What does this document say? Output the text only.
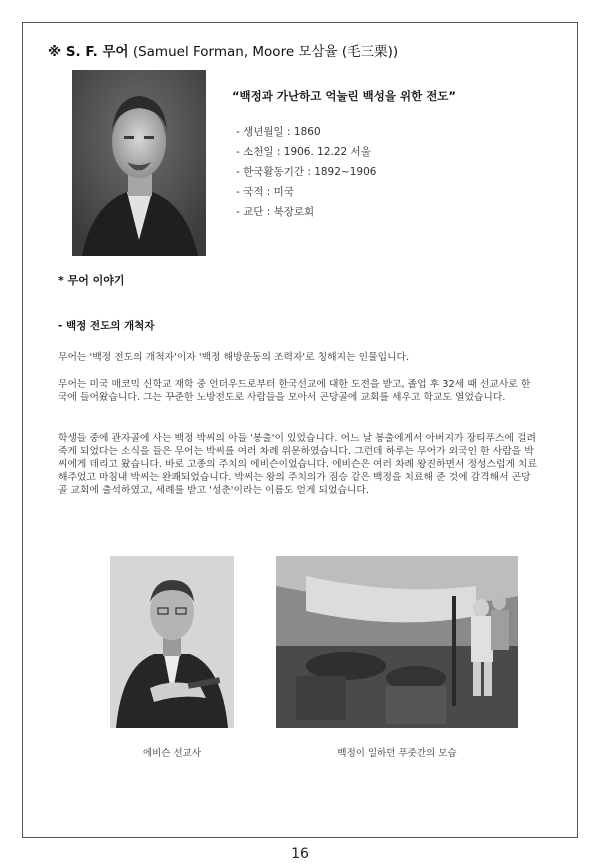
※ S. F. 무어 (Samuel Forman, Moore 모삼율 (毛三栗))
“백정과 가난하고 억눌린 백성을 위한 전도”
- 생년월일 : 1860
- 소천일 : 1906. 12.22 서울
- 한국활동기간 : 1892~1906
- 국적 : 미국
- 교단 : 북장로회
* 무어 이야기
- 백정 전도의 개척자

무어는 '백정 전도의 개척자'이자 '백정 해방운동의 조력자'로 칭해지는 인물입니다.

무어는 미국 매코믹 신학교 재학 중 언더우드로부터 한국선교에 대한 도전을 받고, 졸업 후 32세 때 선교사로 한국에 들어왔습니다. 그는 꾸준한 노방전도로 사람들을 모아서 곤당골에 교회를 세우고 학교도 열었습니다.

학생들 중에 관자골에 사는 백정 박씨의 아들 '봉출'이 있었습니다. 어느 날 봉출에게서 아버지가 장티푸스에 걸려 죽게 되었다는 소식을 들은 무어는 박씨를 여러 차례 위문하였습니다. 그런데 하루는 무어가 외국인 한 사람을 박씨에게 데리고 왔습니다. 바로 고종의 주치의 에비슨이었습니다. 에비슨은 여러 차례 왕진하면서 정성스럽게 치료해주었고 마침내 박씨는 완쾌되었습니다. 박씨는 왕의 주치의가 짐승 같은 백정을 치료해 준 것에 감격해서 곤당골 교회에 출석하였고, 세례를 받고 '성춘'이라는 이름도 얻게 되었습니다.

에비슨 선교사	백정이 일하던 푸줏간의 모습
16
